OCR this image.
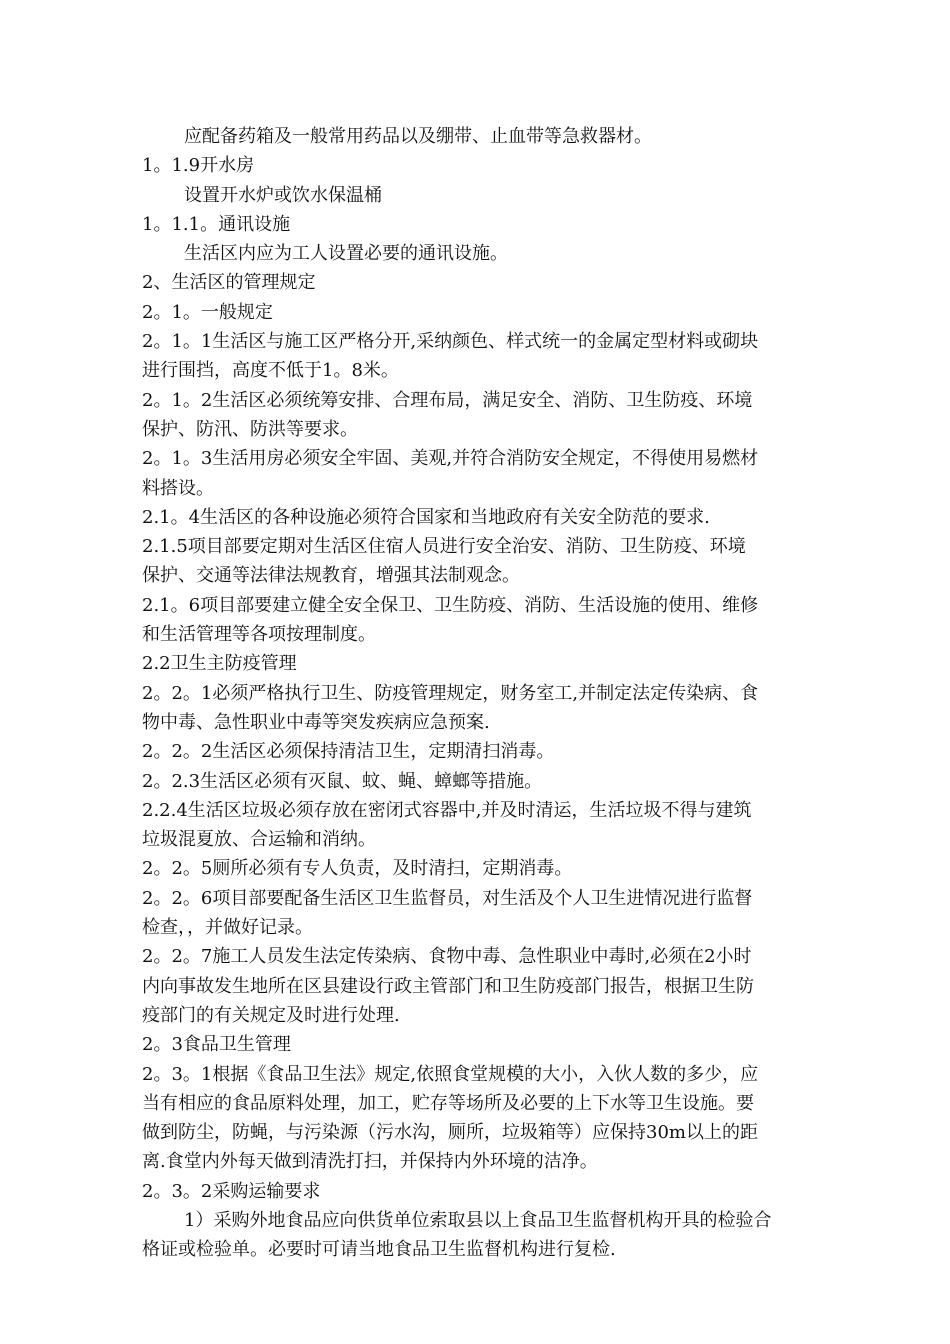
应配备药箱及一般常用药品以及绷带、止血带等急救器材。
1。1.9开水房
设置开水炉或饮水保温桶
1。1.1。通讯设施
生活区内应为工人设置必要的通讯设施。
2、生活区的管理规定
2。1。一般规定
2。1。1生活区与施工区严格分开,采纳颜色、样式统一的金属定型材料或砌块
进行围挡，高度不低于1。8米。
2。1。2生活区必须统筹安排、合理布局，满足安全、消防、卫生防疫、环境
保护、防汛、防洪等要求。
2。1。3生活用房必须安全牢固、美观,并符合消防安全规定，不得使用易燃材
料搭设。
2.1。4生活区的各种设施必须符合国家和当地政府有关安全防范的要求.
2.1.5项目部要定期对生活区住宿人员进行安全治安、消防、卫生防疫、环境
保护、交通等法律法规教育，增强其法制观念。
2.1。6项目部要建立健全安全保卫、卫生防疫、消防、生活设施的使用、维修
和生活管理等各项按理制度。
2.2卫生主防疫管理
2。2。1必须严格执行卫生、防疫管理规定，财务室工,并制定法定传染病、食
物中毒、急性职业中毒等突发疾病应急预案.
2。2。2生活区必须保持清洁卫生，定期清扫消毒。
2。2.3生活区必须有灭鼠、蚊、蝇、蟑螂等措施。
2.2.4生活区垃圾必须存放在密闭式容器中,并及时清运，生活垃圾不得与建筑
垃圾混夏放、合运输和消纳。
2。2。5厕所必须有专人负责，及时清扫，定期消毒。
2。2。6项目部要配备生活区卫生监督员，对生活及个人卫生进情况进行监督
检查，，并做好记录。
2。2。7施工人员发生法定传染病、食物中毒、急性职业中毒时,必须在2小时
内向事故发生地所在区县建设行政主管部门和卫生防疫部门报告，根据卫生防
疫部门的有关规定及时进行处理.
2。3食品卫生管理
2。3。1根据《食品卫生法》规定,依照食堂规模的大小，入伙人数的多少，应
当有相应的食品原料处理，加工，贮存等场所及必要的上下水等卫生设施。要
做到防尘，防蝇，与污染源（污水沟，厕所，垃圾箱等）应保持30m以上的距
离.食堂内外每天做到清洗打扫，并保持内外环境的洁净。
2。3。2采购运输要求
1）采购外地食品应向供货单位索取县以上食品卫生监督机构开具的检验合
格证或检验单。必要时可请当地食品卫生监督机构进行复检.
